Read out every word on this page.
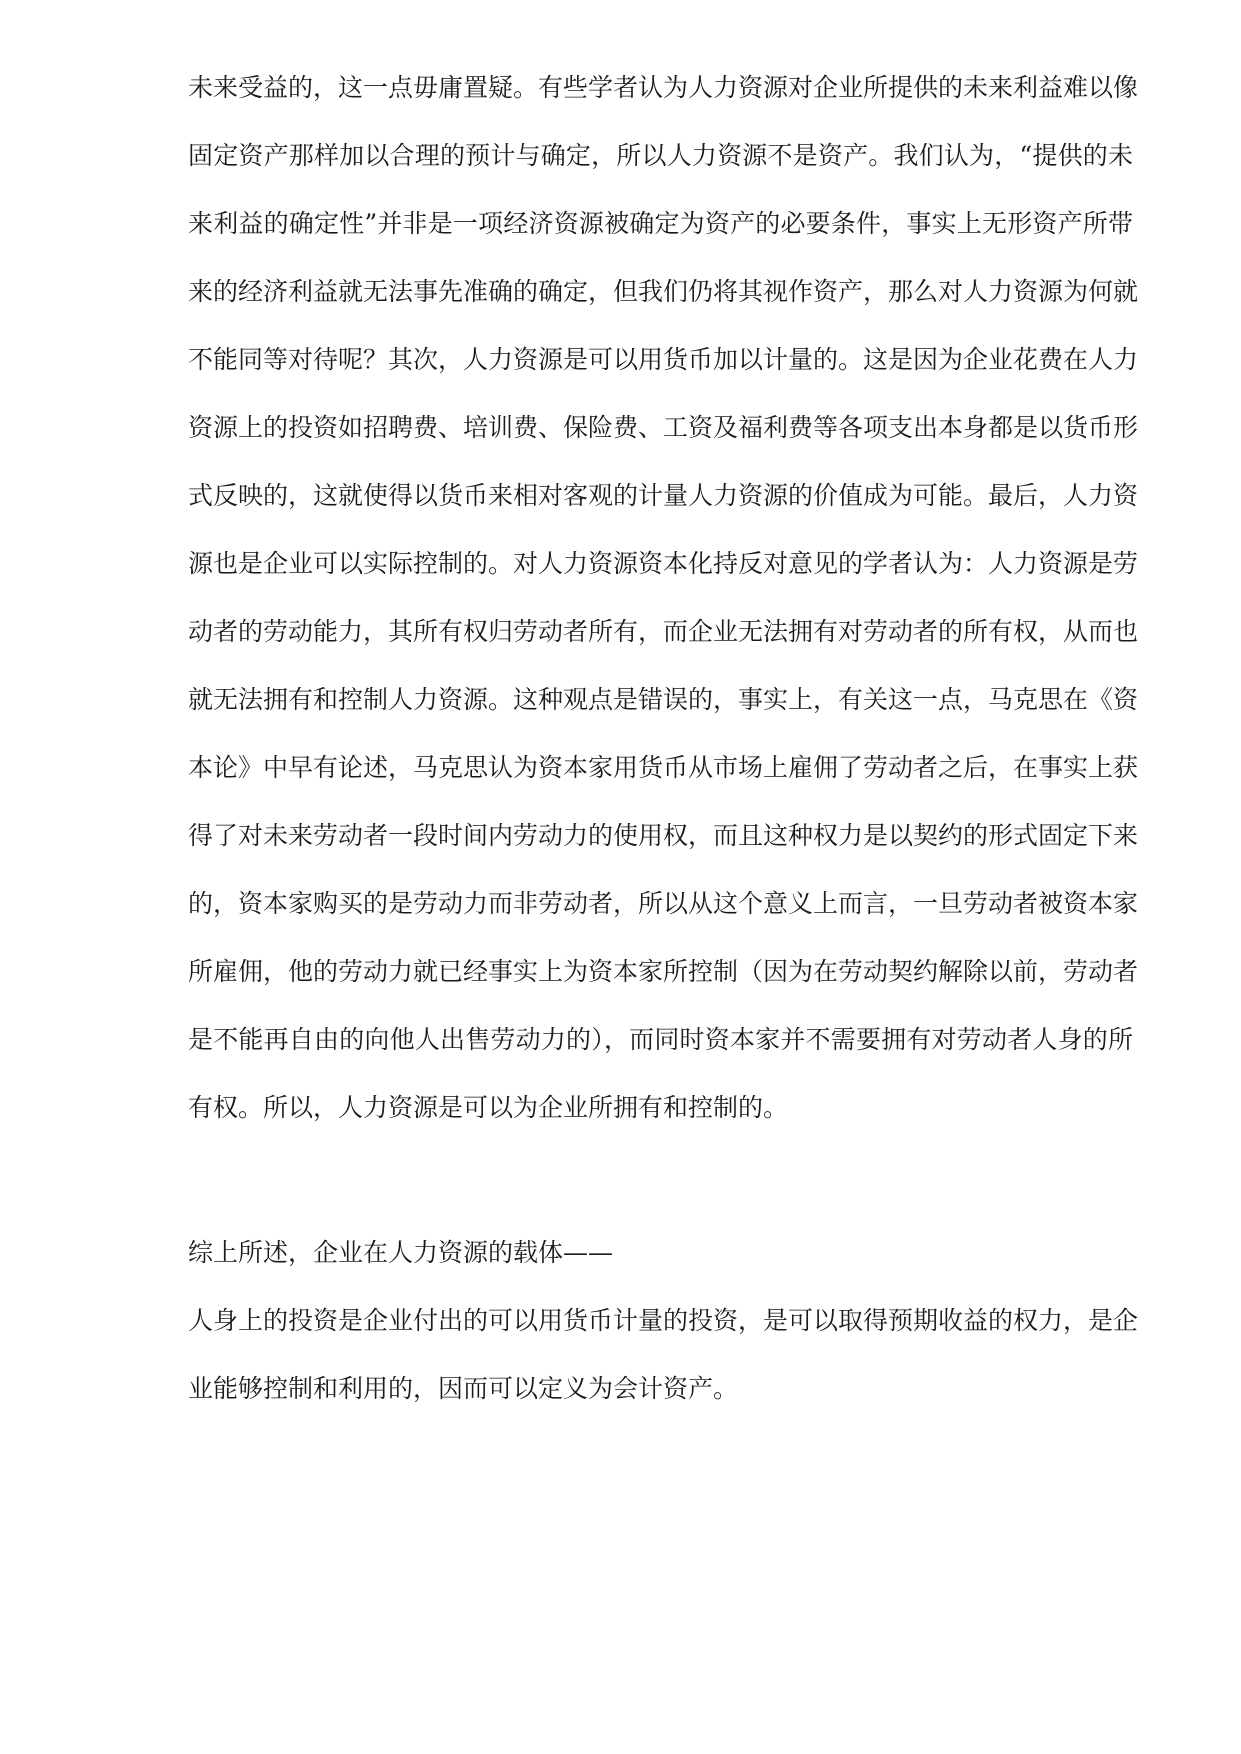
未来受益的，这一点毋庸置疑。有些学者认为人力资源对企业所提供的未来利益难以像
固定资产那样加以合理的预计与确定，所以人力资源不是资产。我们认为，“提供的未
来利益的确定性”并非是一项经济资源被确定为资产的必要条件，事实上无形资产所带
来的经济利益就无法事先准确的确定，但我们仍将其视作资产，那么对人力资源为何就
不能同等对待呢？其次，人力资源是可以用货币加以计量的。这是因为企业花费在人力
资源上的投资如招聘费、培训费、保险费、工资及福利费等各项支出本身都是以货币形
式反映的，这就使得以货币来相对客观的计量人力资源的价值成为可能。最后，人力资
源也是企业可以实际控制的。对人力资源资本化持反对意见的学者认为：人力资源是劳
动者的劳动能力，其所有权归劳动者所有，而企业无法拥有对劳动者的所有权，从而也
就无法拥有和控制人力资源。这种观点是错误的，事实上，有关这一点，马克思在《资
本论》中早有论述，马克思认为资本家用货币从市场上雇佣了劳动者之后，在事实上获
得了对未来劳动者一段时间内劳动力的使用权，而且这种权力是以契约的形式固定下来
的，资本家购买的是劳动力而非劳动者，所以从这个意义上而言，一旦劳动者被资本家
所雇佣，他的劳动力就已经事实上为资本家所控制（因为在劳动契约解除以前，劳动者
是不能再自由的向他人出售劳动力的），而同时资本家并不需要拥有对劳动者人身的所
有权。所以，人力资源是可以为企业所拥有和控制的。
综上所述，企业在人力资源的载体——
人身上的投资是企业付出的可以用货币计量的投资，是可以取得预期收益的权力，是企
业能够控制和利用的，因而可以定义为会计资产。
